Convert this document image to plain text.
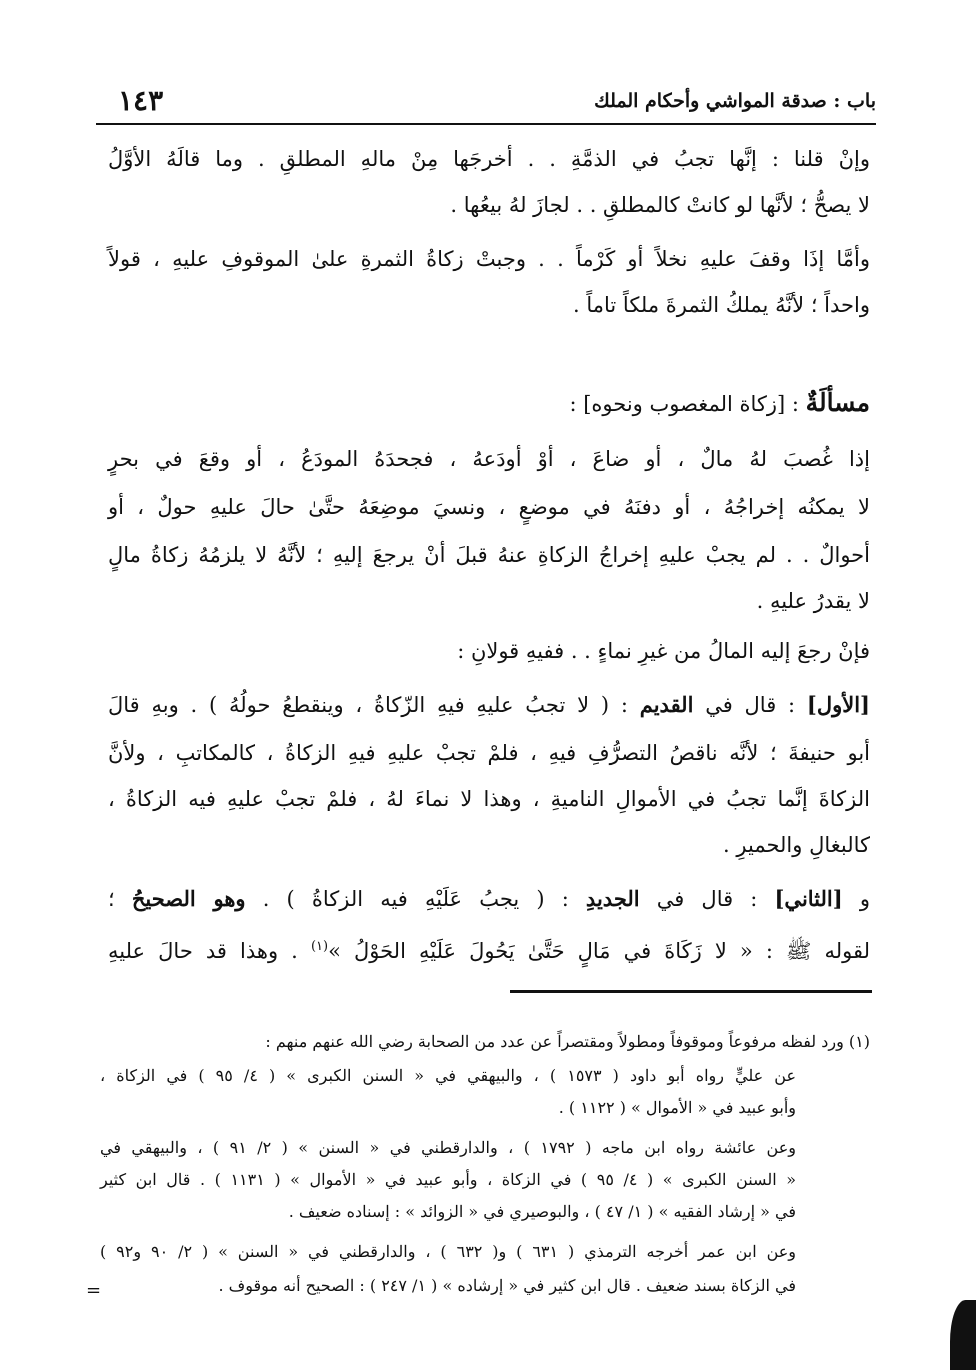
١٤٣	باب : صدقة المواشي وأحكام الملك
وإنْ قلنا : إنَّها تجبُ في الذمَّةِ . . أخرجَها مِنْ مالهِ المطلقِ . وما قالَهُ الأوَّلُ
لا يصحُّ ؛ لأنَّها لو كانتْ كالمطلقِ . . لجازَ لهُ بيعُها .
وأمَّا إذَا وقفَ عليهِ نخلاً أو كَرْماً . . وجبتْ زكاةُ الثمرةِ علىٰ الموقوفِ عليهِ ، قولاً
واحداً ؛ لأنَّهُ يملكُ الثمرةَ ملكاً تاماً .
مسألَةٌ : [زكاة المغصوب ونحوه] :
إذا غُصبَ لهُ مالٌ ، أو ضاعَ ، أوْ أودَعهُ ، فجحدَهُ المودَعُ ، أو وقعَ في بحرٍ
لا يمكنُه إخراجُهُ ، أو دفنَهُ في موضعٍ ، ونسيَ موضِعَهُ حتَّىٰ حالَ عليهِ حولٌ ، أو
أحوالٌ . . لم يجبْ عليهِ إخراجُ الزكاةِ عنهُ قبلَ أنْ يرجعَ إليهِ ؛ لأنَّهُ لا يلزمُهُ زكاةُ مالٍ
لا يقدرُ عليهِ .
فإنْ رجعَ إليه المالُ من غيرِ نماءٍ . . ففيهِ قولانِ :
[الأول] : قال في القديم : ( لا تجبُ عليهِ فيهِ الزّكاةُ ، وينقطعُ حولُهُ ) . وبهِ قالَ
أبو حنيفةَ ؛ لأنَّه ناقصُ التصرُّفِ فيهِ ، فلمْ تجبْ عليهِ فيهِ الزكاةُ ، كالمكاتبِ ، ولأنَّ
الزكاةَ إنَّما تجبُ في الأموالِ الناميةِ ، وهذا لا نماءَ لهُ ، فلمْ تجبْ عليهِ فيه الزكاةُ ،
كالبغالِ والحميرِ .
و [الثاني] : قال في الجديدِ : ( يجبُ عَلَيْهِ فيه الزكاةُ ) . وهو الصحيحُ ؛
لقوله ﷺ : « لا زَكَاةَ في مَالٍ حَتَّىٰ يَحُولَ عَلَيْهِ الحَوْلُ »$^{(١)}$ . وهذا قد حالَ عليهِ
(١) ورد لفظه مرفوعاً وموقوفاً ومطولاً ومقتصراً عن عدد من الصحابة رضي الله عنهم منهم :
عن عليٍّ رواه أبو داود ( ١٥٧٣ ) ، والبيهقي في « السنن الكبرى » ( ٤/ ٩٥ ) في الزكاة ،
وأبو عبيد في « الأموال » ( ١١٢٢ ) .
وعن عائشة رواه ابن ماجه ( ١٧٩٢ ) ، والدارقطني في « السنن » ( ٢/ ٩١ ) ، والبيهقي في
« السنن الكبرى » ( ٤/ ٩٥ ) في الزكاة ، وأبو عبيد في « الأموال » ( ١١٣١ ) . قال ابن كثير
في « إرشاد الفقيه » ( ١/ ٤٧ ) ، والبوصيري في « الزوائد » : إسناده ضعيف .
وعن ابن عمر أخرجه الترمذي ( ٦٣١ ) و( ٦٣٢ ) ، والدارقطني في « السنن » ( ٢/ ٩٠ و٩٢ )
في الزكاة بسند ضعيف . قال ابن كثير في « إرشاده » ( ١/ ٢٤٧ ) : الصحيح أنه موقوف .
=
